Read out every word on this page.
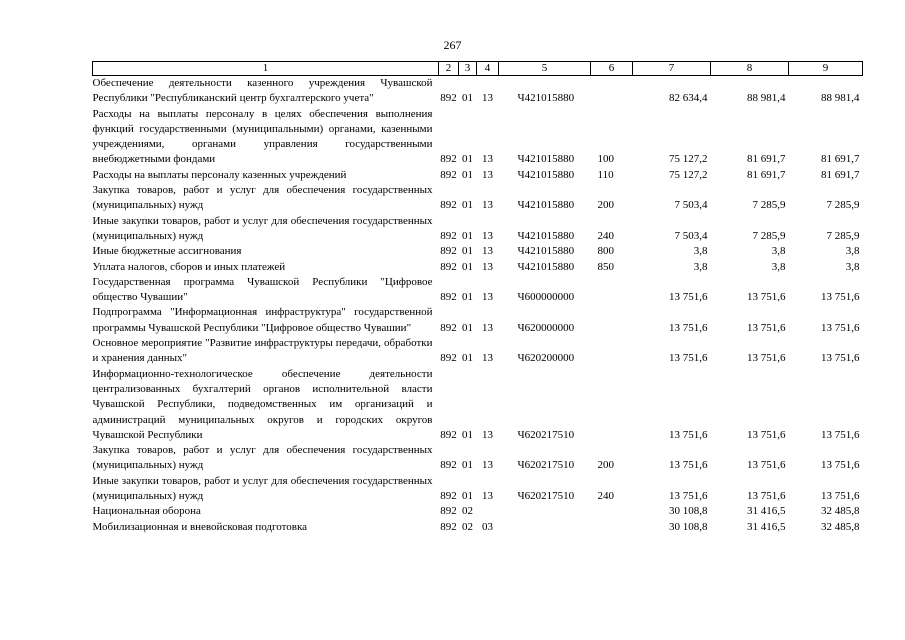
267
1	2	3	4	5	6	7	8	9
Обеспечение деятельности казенного учреждения Чувашской Республики "Республиканский центр бухгалтерского учета"	892	01	13	Ч421015880		82 634,4	88 981,4	88 981,4
Расходы на выплаты персоналу в целях обеспечения выполнения функций государственными (муниципальными) органами, казенными учреждениями, органами управления государственными внебюджетными фондами	892	01	13	Ч421015880	100	75 127,2	81 691,7	81 691,7
Расходы на выплаты персоналу казенных учреждений	892	01	13	Ч421015880	110	75 127,2	81 691,7	81 691,7
Закупка товаров, работ и услуг для обеспечения государственных (муниципальных) нужд	892	01	13	Ч421015880	200	7 503,4	7 285,9	7 285,9
Иные закупки товаров, работ и услуг для обеспечения государственных (муниципальных) нужд	892	01	13	Ч421015880	240	7 503,4	7 285,9	7 285,9
Иные бюджетные ассигнования	892	01	13	Ч421015880	800	3,8	3,8	3,8
Уплата налогов, сборов и иных платежей	892	01	13	Ч421015880	850	3,8	3,8	3,8
Государственная программа Чувашской Республики "Цифровое общество Чувашии"	892	01	13	Ч600000000		13 751,6	13 751,6	13 751,6
Подпрограмма "Информационная инфраструктура" государственной программы Чувашской Республики "Цифровое общество Чувашии"	892	01	13	Ч620000000		13 751,6	13 751,6	13 751,6
Основное мероприятие "Развитие инфраструктуры передачи, обработки и хранения данных"	892	01	13	Ч620200000		13 751,6	13 751,6	13 751,6
Информационно-технологическое обеспечение деятельности централизованных бухгалтерий органов исполнительной власти Чувашской Республики, подведомственных им организаций и администраций муниципальных округов и городских округов Чувашской Республики	892	01	13	Ч620217510		13 751,6	13 751,6	13 751,6
Закупка товаров, работ и услуг для обеспечения государственных (муниципальных) нужд	892	01	13	Ч620217510	200	13 751,6	13 751,6	13 751,6
Иные закупки товаров, работ и услуг для обеспечения государственных (муниципальных) нужд	892	01	13	Ч620217510	240	13 751,6	13 751,6	13 751,6
Национальная оборона	892	02				30 108,8	31 416,5	32 485,8
Мобилизационная и вневойсковая подготовка	892	02	03			30 108,8	31 416,5	32 485,8
